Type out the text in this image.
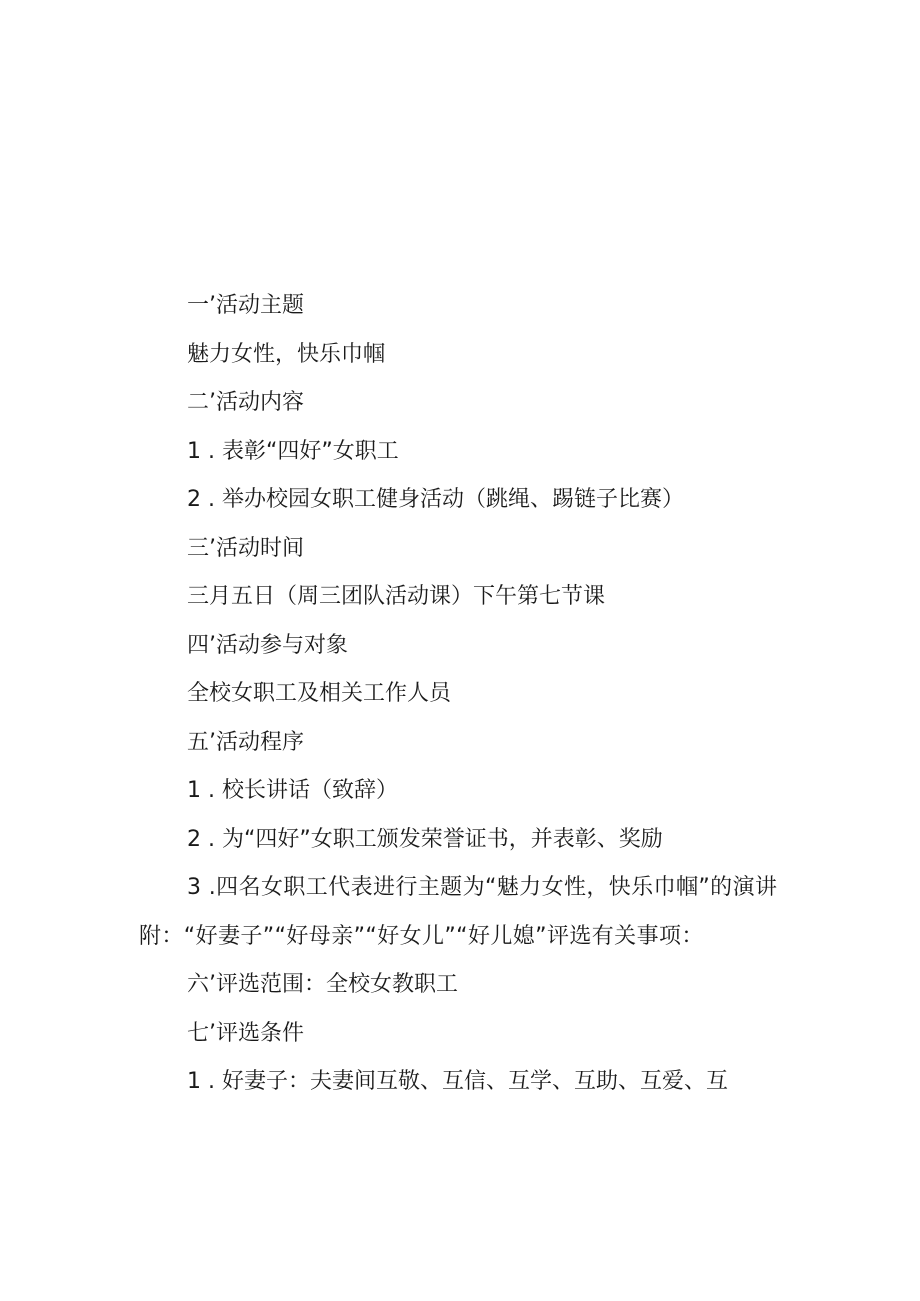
一’活动主题
魅力女性，快乐巾帼
二’活动内容
1 . 表彰“四好”女职工
2 . 举办校园女职工健身活动（跳绳、踢链子比赛）
三’活动时间
三月五日（周三团队活动课）下午第七节课
四’活动参与对象
全校女职工及相关工作人员
五’活动程序
1 . 校长讲话（致辞）
2 . 为“四好”女职工颁发荣誉证书，并表彰、奖励

3 .四名女职工代表进行主题为“魅力女性，快乐巾帼”的演讲附：“好妻子”“好母亲”“好女儿”“好儿媳”评选有关事项：

六’评选范围：全校女教职工
七’评选条件
1 . 好妻子：夫妻间互敬、互信、互学、互助、互爱、互
